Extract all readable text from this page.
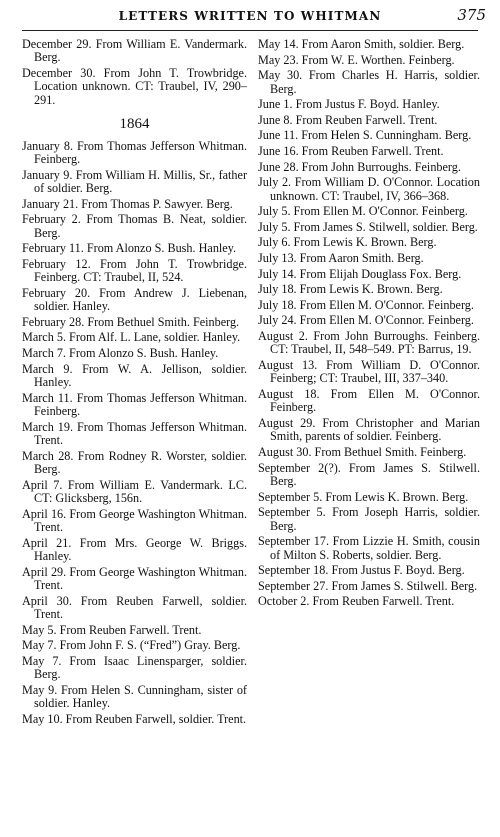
LETTERS WRITTEN TO WHITMAN	375
December 29. From William E. Vandermark. Berg.
December 30. From John T. Trowbridge. Location unknown. CT: Traubel, IV, 290–291.
1864
January 8. From Thomas Jefferson Whitman. Feinberg.
January 9. From William H. Millis, Sr., father of soldier. Berg.
January 21. From Thomas P. Sawyer. Berg.
February 2. From Thomas B. Neat, soldier. Berg.
February 11. From Alonzo S. Bush. Hanley.
February 12. From John T. Trowbridge. Feinberg. CT: Traubel, II, 524.
February 20. From Andrew J. Liebenan, soldier. Hanley.
February 28. From Bethuel Smith. Feinberg.
March 5. From Alf. L. Lane, soldier. Hanley.
March 7. From Alonzo S. Bush. Hanley.
March 9. From W. A. Jellison, soldier. Hanley.
March 11. From Thomas Jefferson Whitman. Feinberg.
March 19. From Thomas Jefferson Whitman. Trent.
March 28. From Rodney R. Worster, soldier. Berg.
April 7. From William E. Vandermark. LC. CT: Glicksberg, 156n.
April 16. From George Washington Whitman. Trent.
April 21. From Mrs. George W. Briggs. Hanley.
April 29. From George Washington Whitman. Trent.
April 30. From Reuben Farwell, soldier. Trent.
May 5. From Reuben Farwell. Trent.
May 7. From John F. S. (“Fred”) Gray. Berg.
May 7. From Isaac Linensparger, soldier. Berg.
May 9. From Helen S. Cunningham, sister of soldier. Hanley.
May 10. From Reuben Farwell, soldier. Trent.
May 14. From Aaron Smith, soldier. Berg.
May 23. From W. E. Worthen. Feinberg.
May 30. From Charles H. Harris, soldier. Berg.
June 1. From Justus F. Boyd. Hanley.
June 8. From Reuben Farwell. Trent.
June 11. From Helen S. Cunningham. Berg.
June 16. From Reuben Farwell. Trent.
June 28. From John Burroughs. Feinberg.
July 2. From William D. O'Connor. Location unknown. CT: Traubel, IV, 366–368.
July 5. From Ellen M. O'Connor. Feinberg.
July 5. From James S. Stilwell, soldier. Berg.
July 6. From Lewis K. Brown. Berg.
July 13. From Aaron Smith. Berg.
July 14. From Elijah Douglass Fox. Berg.
July 18. From Lewis K. Brown. Berg.
July 18. From Ellen M. O'Connor. Feinberg.
July 24. From Ellen M. O'Connor. Feinberg.
August 2. From John Burroughs. Feinberg. CT: Traubel, II, 548–549. PT: Barrus, 19.
August 13. From William D. O'Connor. Feinberg; CT: Traubel, III, 337–340.
August 18. From Ellen M. O'Connor. Feinberg.
August 29. From Christopher and Marian Smith, parents of soldier. Feinberg.
August 30. From Bethuel Smith. Feinberg.
September 2(?). From James S. Stilwell. Berg.
September 5. From Lewis K. Brown. Berg.
September 5. From Joseph Harris, soldier. Berg.
September 17. From Lizzie H. Smith, cousin of Milton S. Roberts, soldier. Berg.
September 18. From Justus F. Boyd. Berg.
September 27. From James S. Stilwell. Berg.
October 2. From Reuben Farwell. Trent.
